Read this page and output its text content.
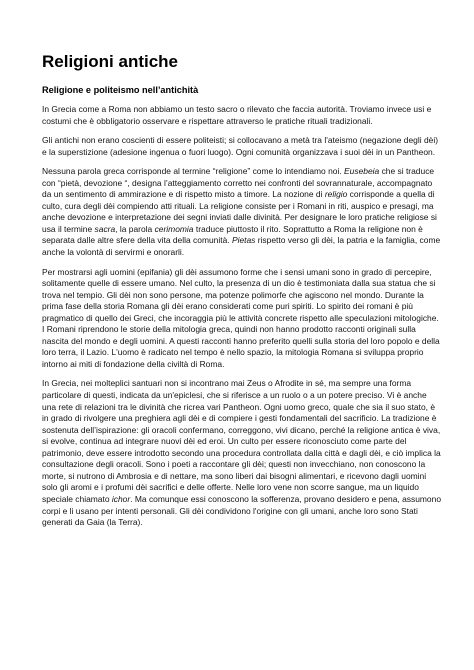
Religioni antiche
Religione e politeismo nell’antichità

In Grecia come a Roma non abbiamo un testo sacro o rilevato che faccia autorità. Troviamo invece usi e costumi che è obbligatorio osservare e rispettare attraverso le pratiche rituali tradizionali.

Gli antichi non erano coscienti di essere politeisti; si collocavano a metà tra l'ateismo (negazione degli dèi) e la superstizione (adesione ingenua o fuori luogo). Ogni comunità organizzava i suoi dèi in un Pantheon.

Nessuna parola greca corrisponde al termine “religione” come lo intendiamo noi. Eusebeia che si traduce con “pietà, devozione “, designa l’atteggiamento corretto nei confronti del sovrannaturale, accompagnato da un sentimento di ammirazione e di rispetto misto a timore. La nozione di religio corrisponde a quella di culto, cura degli dèi compiendo atti rituali. La religione consiste per i Romani in riti, auspico e presagi, ma anche devozione e interpretazione dei segni inviati dalle divinità. Per designare le loro pratiche religiose si usa il termine sacra, la parola cerimomia traduce piuttosto il rito. Soprattutto a Roma la religione non è separata dalle altre sfere della vita della comunità. Pietas rispetto verso gli dèi, la patria e la famiglia, come anche la volontà di servirmi e onorarli.

Per mostrarsi agli uomini (epifania) gli dèi assumono forme che i sensi umani sono in grado di percepire, solitamente quelle di essere umano. Nel culto, la presenza di un dio è testimoniata dalla sua statua che si trova nel tempio. Gli dèi non sono persone, ma potenze polimorfe che agiscono nel mondo. Durante la prima fase della storia Romana gli dèi erano considerati come puri spiriti. Lo spirito dei romani è più pragmatico di quello dei Greci, che incoraggia più le attività concrete rispetto alle speculazioni mitologiche. I Romani riprendono le storie della mitologia greca, quindi non hanno prodotto racconti originali sulla nascita del mondo e degli uomini. A questi racconti hanno preferito quelli sulla storia del loro popolo e della loro terra, il Lazio. L'uomo è radicato nel tempo è nello spazio, la mitologia Romana si sviluppa proprio intorno ai miti di fondazione della civiltà di Roma.

In Grecia, nei molteplici santuari non si incontrano mai Zeus o Afrodite in sé, ma sempre una forma particolare di questi, indicata da un'epiclesi, che si riferisce a un ruolo o a un potere preciso. Vi è anche una rete di relazioni tra le divinità che ricrea vari Pantheon. Ogni uomo greco, quale che sia il suo stato, è in grado di rivolgere una preghiera agli dèi e di compiere i gesti fondamentali del sacrificio. La tradizione è sostenuta dell’ispirazione: gli oracoli confermano, correggono, vivi dicano, perché la religione antica è viva, si evolve, continua ad integrare nuovi dèi ed eroi. Un culto per essere riconosciuto come parte del patrimonio, deve essere introdotto secondo una procedura controllata dalla città e dagli dèi, e ciò implica la consultazione degli oracoli. Sono i poeti a raccontare gli dèi; questi non invecchiano, non conoscono la morte, si nutrono di Ambrosia e di nettare, ma sono liberi dai bisogni alimentari, e ricevono dagli uomini solo gli aromi e i profumi dèi sacrifici e delle offerte. Nelle loro vene non scorre sangue, ma un liquido speciale chiamato ichor. Ma comunque essi conoscono la sofferenza, provano desidero e pena, assumono corpi e li usano per intenti personali. Gli dèi condividono l'origine con gli umani, anche loro sono Stati generati da Gaia (la Terra).
